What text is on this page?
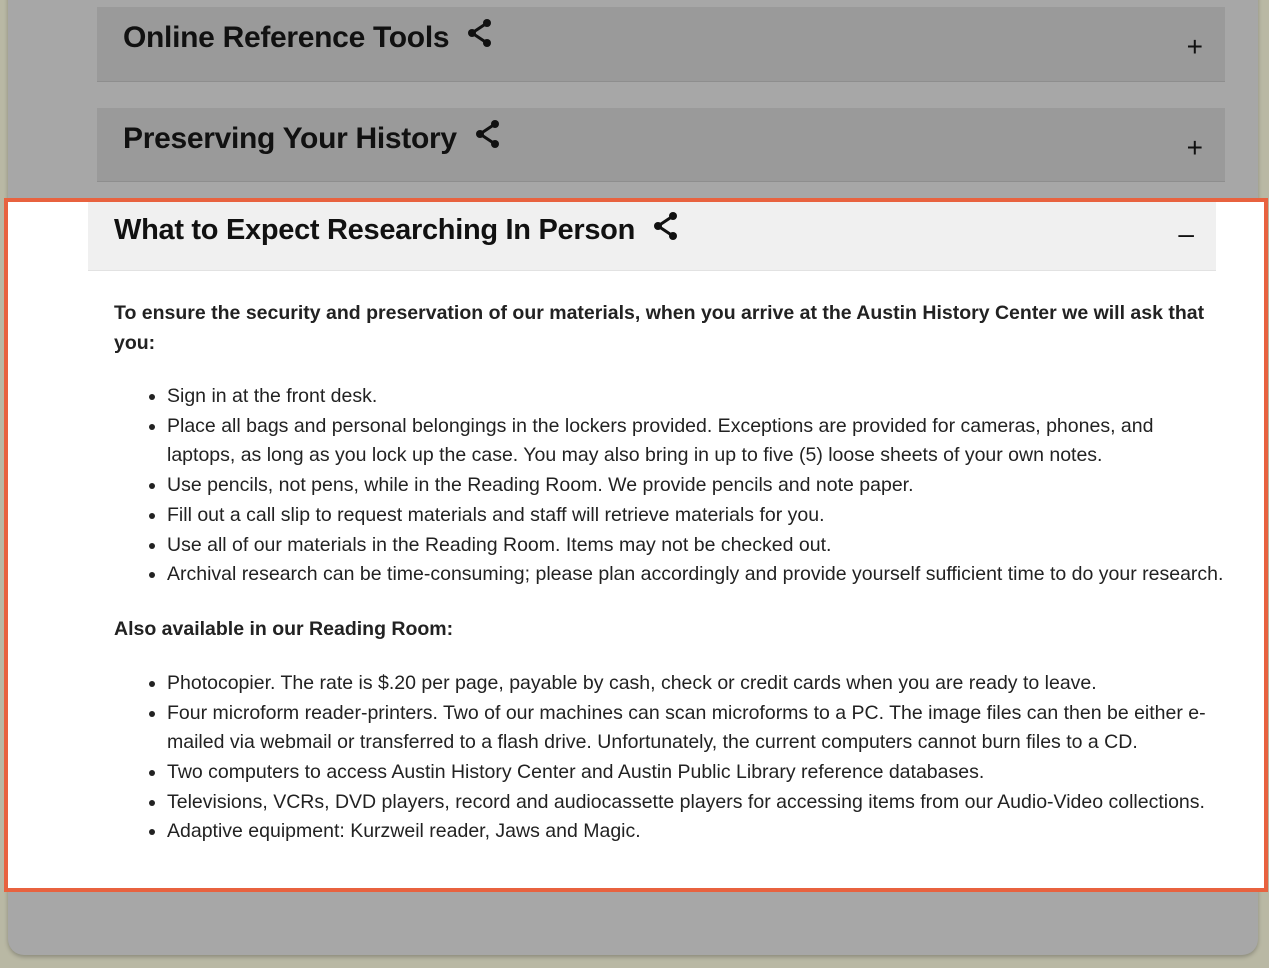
Online Reference Tools	+
Preserving Your History	+
What to Expect Researching In Person	–

To ensure the security and preservation of our materials, when you arrive at the Austin History Center we will ask that you:

• Sign in at the front desk.
• Place all bags and personal belongings in the lockers provided. Exceptions are provided for cameras, phones, and laptops, as long as you lock up the case. You may also bring in up to five (5) loose sheets of your own notes.
• Use pencils, not pens, while in the Reading Room. We provide pencils and note paper.
• Fill out a call slip to request materials and staff will retrieve materials for you.
• Use all of our materials in the Reading Room. Items may not be checked out.
• Archival research can be time-consuming; please plan accordingly and provide yourself sufficient time to do your research.

Also available in our Reading Room:

• Photocopier. The rate is $.20 per page, payable by cash, check or credit cards when you are ready to leave.
• Four microform reader-printers. Two of our machines can scan microforms to a PC. The image files can then be either e-mailed via webmail or transferred to a flash drive. Unfortunately, the current computers cannot burn files to a CD.
• Two computers to access Austin History Center and Austin Public Library reference databases.
• Televisions, VCRs, DVD players, record and audiocassette players for accessing items from our Audio-Video collections.
• Adaptive equipment: Kurzweil reader, Jaws and Magic.
